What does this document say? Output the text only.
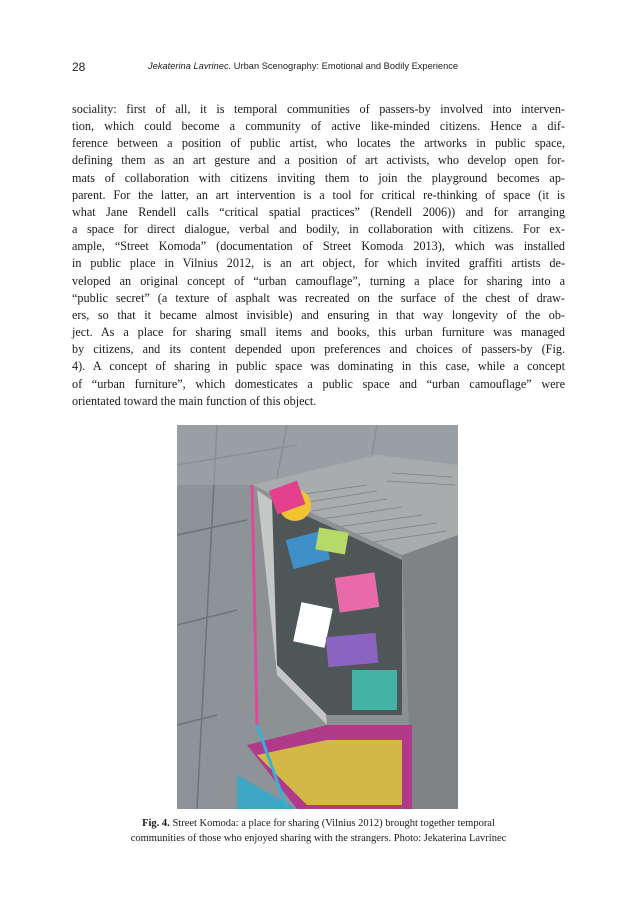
28	Jekaterina Lavrinec. Urban Scenography: Emotional and Bodily Experience
sociality: first of all, it is temporal communities of passers-by involved into interven-
tion, which could become a community of active like-minded citizens. Hence a dif-
ference between a position of public artist, who locates the artworks in public space,
defining them as an art gesture and a position of art activists, who develop open for-
mats of collaboration with citizens inviting them to join the playground becomes ap-
parent. For the latter, an art intervention is a tool for critical re-thinking of space (it is
what Jane Rendell calls “critical spatial practices” (Rendell 2006)) and for arranging
a space for direct dialogue, verbal and bodily, in collaboration with citizens. For ex-
ample, “Street Komoda” (documentation of Street Komoda 2013), which was installed
in public place in Vilnius 2012, is an art object, for which invited graffiti artists de-
veloped an original concept of “urban camouflage”, turning a place for sharing into a
“public secret” (a texture of asphalt was recreated on the surface of the chest of draw-
ers, so that it became almost invisible) and ensuring in that way longevity of the ob-
ject. As a place for sharing small items and books, this urban furniture was managed
by citizens, and its content depended upon preferences and choices of passers-by (Fig.
4). A concept of sharing in public space was dominating in this case, while a concept
of “urban furniture”, which domesticates a public space and “urban camouflage” were
orientated toward the main function of this object.
Fig. 4. Street Komoda: a place for sharing (Vilnius 2012) brought together temporal
communities of those who enjoyed sharing with the strangers. Photo: Jekaterina Lavrinec
